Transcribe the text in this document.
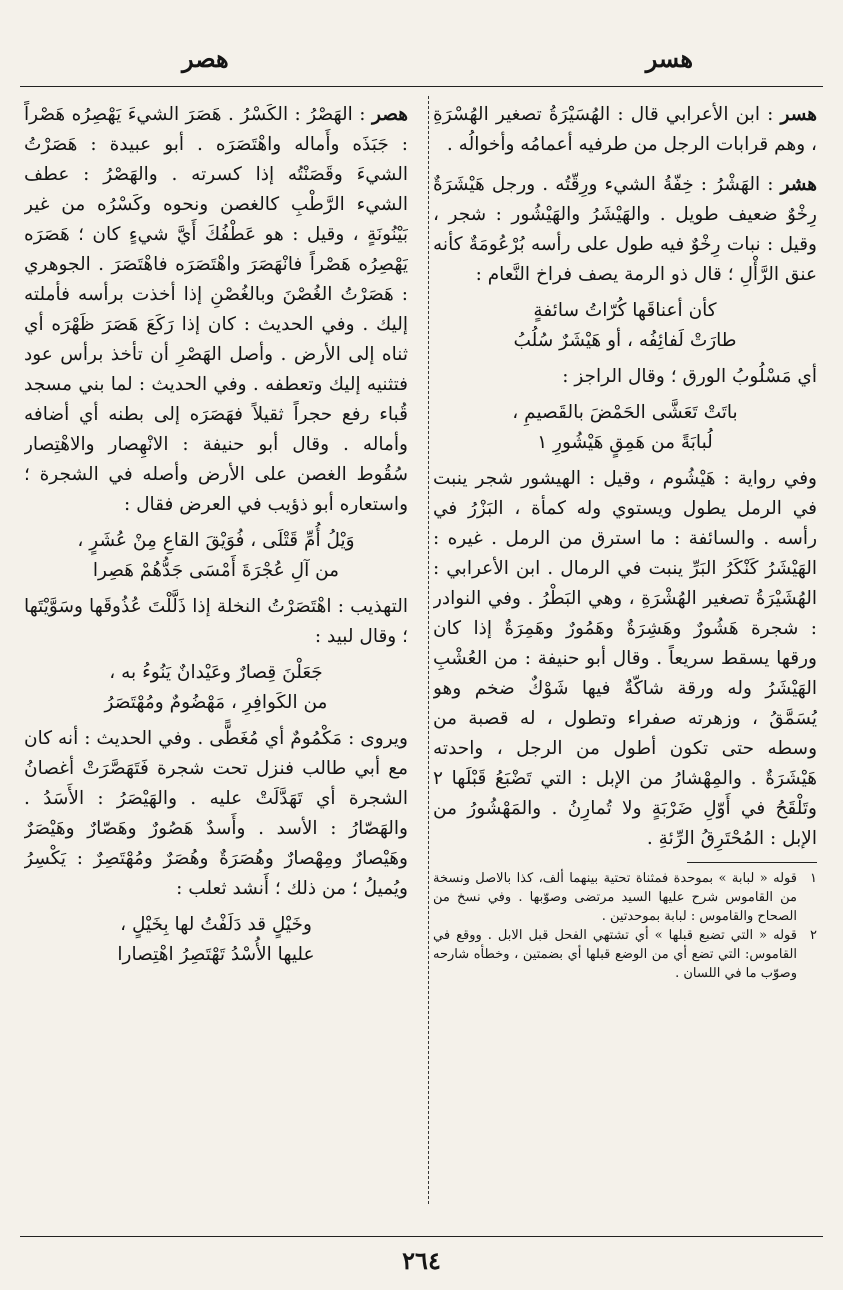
هسر
هصر

هسر : ابن الأعرابي قال : الهُسَيْرَةُ تصغير الهُسْرَةِ ، وهم قرابات الرجل من طرفيه أعمامُه وأخوالُه .

هشر : الهَشْرُ : خِفّةُ الشيء ورِقّتُه . ورجل هَيْشَرَةٌ رِخْوٌ ضعيف طويل . والهَيْشَرُ والهَيْشُور : شجر ، وقيل : نبات رِخْوٌ فيه طول على رأسه بُرْعُومَةٌ كأنه عنق الرَّأْلِ ؛ قال ذو الرمة يصف فراخ النَّعام :

كأن أعناقَها كُرّاتُ سائفةٍ
طارَتْ لَفائِفُه ، أو هَيْشَرٌ سُلُبُ

أي مَسْلُوبُ الورق ؛ وقال الراجز :

باتَتْ تَعَشَّى الحَمْضَ بالقَصيمِ ،
لُبابَةً من هَمِقٍ هَيْشُورِ ١

وفي رواية : هَيْشُوم ، وقيل : الهيشور شجر ينبت في الرمل يطول ويستوي وله كمأة ، البَزْرُ في رأسه . والسائفة : ما استرق من الرمل . غيره : الهَيْشَرُ كَنْكَرُ البَرِّ ينبت في الرمال . ابن الأعرابي : الهُشَيْرَةُ تصغير الهُشْرَةِ ، وهي البَطْرُ . وفي النوادر : شجرة هَشُورٌ وهَشِرَةٌ وهَمُورٌ وهَمِرَةٌ إذا كان ورقها يسقط سريعاً . وقال أبو حنيفة : من العُشْبِ الهَيْشَرُ وله ورقة شاكّةٌ فيها شَوْكٌ ضخم وهو يُسَمَّقُ ، وزهرته صفراء وتطول ، له قصبة من وسطه حتى تكون أطول من الرجل ، واحدته هَيْشَرَةٌ . والمِهْشارُ من الإبل : التي تَضْبَعُ قَبْلَها ٢ وتَلْقَحُ في أَوّلِ ضَرْبَةٍ ولا تُمارِنُ . والمَهْشُورُ من الإبل : المُحْتَرِقُ الرِّئةِ .

١
قوله « لبابة » بموحدة فمثناة تحتية بينهما ألف، كذا بالاصل ونسخة من القاموس شرح عليها السيد مرتضى وصوّبها . وفي نسخ من الصحاح والقاموس : لبابة بموحدتين .
٢
قوله « التي تضبع قبلها » أي تشتهي الفحل قبل الابل . ووقع في القاموس: التي تضع أي من الوضع قبلها أي بضمتين ، وخطأه شارحه وصوّب ما في اللسان .

هصر : الهَصْرُ : الكَسْرُ . هَصَرَ الشيءَ يَهْصِرُه هَصْراً : جَبَذَه وأَماله واهْتَصَرَه . أبو عبيدة : هَصَرْتُ الشيءَ وقَصَنْتُه إذا كسرته . والهَصْرُ : عطف الشيء الرَّطْبِ كالغصن ونحوه وكَسْرُه من غير بَيْنُونَةٍ ، وقيل : هو عَطْفُكَ أَيَّ شيءٍ كان ؛ هَصَرَه يَهْصِرُه هَصْراً فانْهَصَرَ واهْتَصَرَه فاهْتَصَرَ . الجوهري : هَصَرْتُ الغُصْنَ وبالغُصْنِ إذا أخذت برأسه فأملته إليك . وفي الحديث : كان إذا رَكَعَ هَصَرَ ظَهْرَه أي ثناه إلى الأرض . وأصل الهَصْرِ أن تأخذ برأس عود فتثنيه إليك وتعطفه . وفي الحديث : لما بني مسجد قُباء رفع حجراً ثقيلاً فهَصَرَه إلى بطنه أي أضافه وأماله . وقال أبو حنيفة : الانْهِصار والاهْتِصار سُقُوط الغصن على الأرض وأصله في الشجرة ؛ واستعاره أبو ذؤيب في العرض فقال :

وَيْلُ أُمِّ قَتْلَى ، فُوَيْقَ القاعِ مِنْ عُشَرٍ ،
من آلِ عُجْرَةَ أَمْسَى جَدُّهُمْ هَصِرا

التهذيب : اهْتَصَرْتُ النخلة إذا ذَلَّلْتَ عُذُوقَها وسَوَّيْتَها ؛ وقال لبيد :

جَعَلْنَ قِصارٌ وعَيْدانٌ يَنُوءُ به ،
من الكَوافِرِ ، مَهْضُومٌ ومُهْتَصَرُ

ويروى : مَكْمُومٌ أي مُغَطًّى . وفي الحديث : أنه كان مع أبي طالب فنزل تحت شجرة فَتَهَصَّرَتْ أغصانُ الشجرة أي تَهَدَّلَتْ عليه . والهَيْصَرُ : الأَسَدُ . والهَصّارُ : الأسد . وأَسدٌ هَصُورٌ وهَصّارٌ وهَيْصَرٌ وهَيْصارٌ ومِهْصارٌ وهُصَرَةٌ وهُصَرٌ ومُهْتَصِرٌ : يَكْسِرُ ويُميلُ ؛ من ذلك ؛ أَنشد ثعلب :

وخَيْلٍ قد دَلَفْتُ لها بِخَيْلٍ ،
عليها الأُسْدُ تَهْتَصِرُ اهْتِصارا
٢٦٤
